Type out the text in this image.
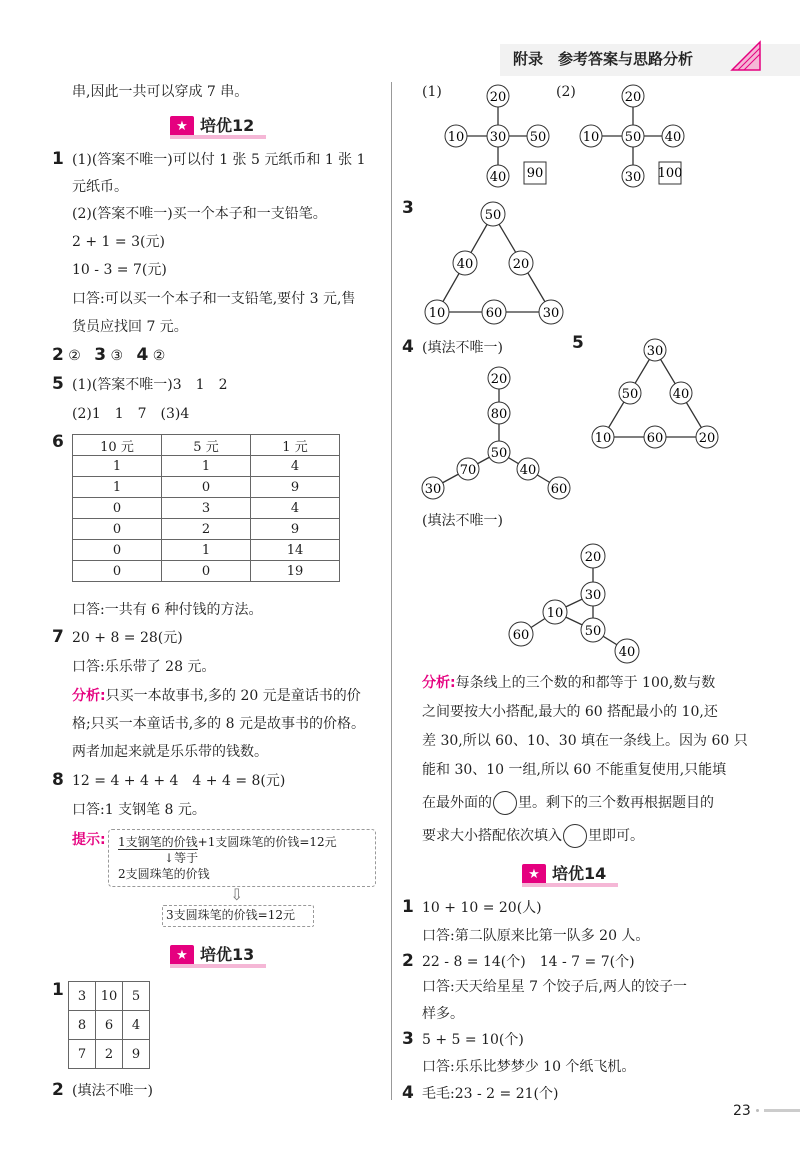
附录　参考答案与思路分析
串,因此一共可以穿成 7 串。
★ 培优12
1 (1)(答案不唯一)可以付 1 张 5 元纸币和 1 张 1
元纸币。
(2)(答案不唯一)买一个本子和一支铅笔。
2 + 1 = 3(元)
10 - 3 = 7(元)
口答:可以买一个本子和一支铅笔,要付 3 元,售
货员应找回 7 元。
2 ② 3 ③ 4 ②
5 (1)(答案不唯一)3　1　2
(2)1　1　7　(3)4
6	10 元	5 元	1 元
1	1	4
1	0	9
0	3	4
0	2	9
0	1	14
0	0	19
口答:一共有 6 种付钱的方法。
7 20 + 8 = 28(元)
口答:乐乐带了 28 元。
分析:只买一本故事书,多的 20 元是童话书的价
格;只买一本童话书,多的 8 元是故事书的价格。
两者加起来就是乐乐带的钱数。
8 12 = 4 + 4 + 4　4 + 4 = 8(元)
口答:1 支钢笔 8 元。
提示: 1支钢笔的价钱+1支圆珠笔的价钱=12元
↓等于
2支圆珠笔的价钱
⇩
3支圆珠笔的价钱=12元
★ 培优13
1 3	10	5
8	6	4
7	2	9
2 (填法不唯一)
(1)	(2)
20
10 30 50
40 90
20
10 50 40
30 100
3	50
40	20
10	60	30
4 (填法不唯一)	5
20
80
50
70
30
40
60
30
50	40
10	60	20
(填法不唯一)
20
30
10
50
60
40
分析:每条线上的三个数的和都等于 100,数与数
之间要按大小搭配,最大的 60 搭配最小的 10,还
差 30,所以 60、10、30 填在一条线上。因为 60 只
能和 30、10 一组,所以 60 不能重复使用,只能填
在最外面的 里。剩下的三个数再根据题目的
要求大小搭配依次填入 里即可。
★ 培优14
1 10 + 10 = 20(人)
口答:第二队原来比第一队多 20 人。
2 22 - 8 = 14(个)　14 - 7 = 7(个)
口答:天天给星星 7 个饺子后,两人的饺子一
样多。
3 5 + 5 = 10(个)
口答:乐乐比梦梦少 10 个纸飞机。
4 毛毛:23 - 2 = 21(个)
23
